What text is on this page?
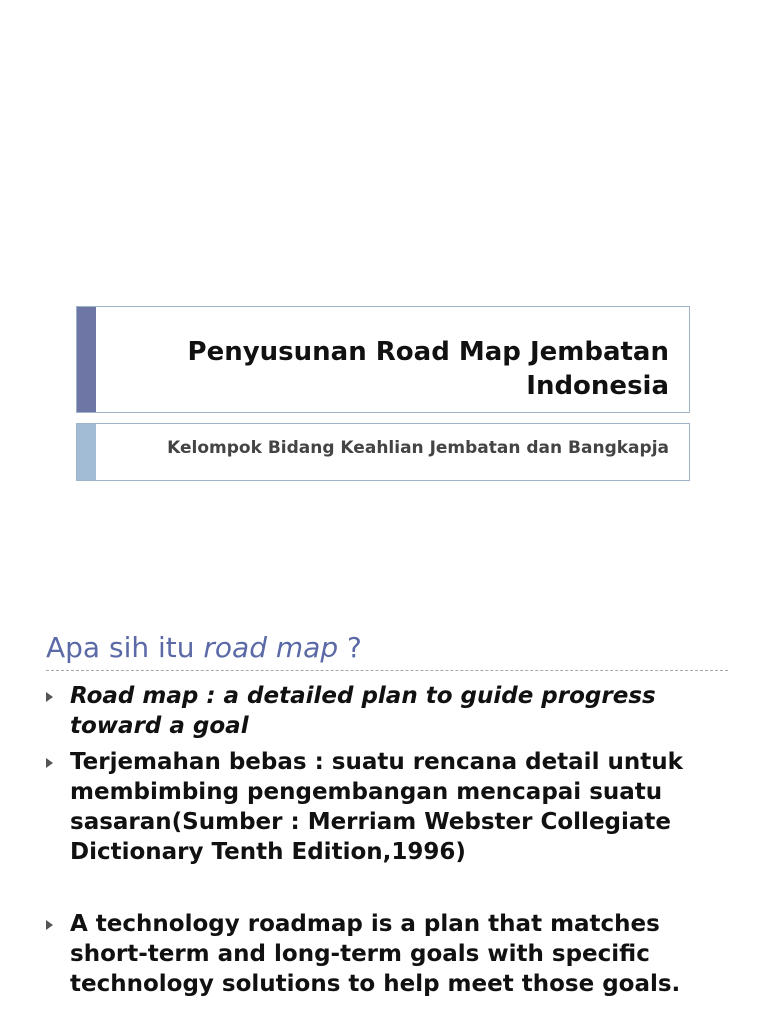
Penyusunan Road Map Jembatan Indonesia
Kelompok Bidang Keahlian Jembatan dan Bangkapja
Apa sih itu road map ?
Road map : a detailed plan to guide progress toward a goal
Terjemahan bebas : suatu rencana detail untuk membimbing pengembangan mencapai suatu sasaran(Sumber : Merriam Webster Collegiate Dictionary Tenth Edition,1996)
A technology roadmap is a plan that matches short-term and long-term goals with specific technology solutions to help meet those goals.
